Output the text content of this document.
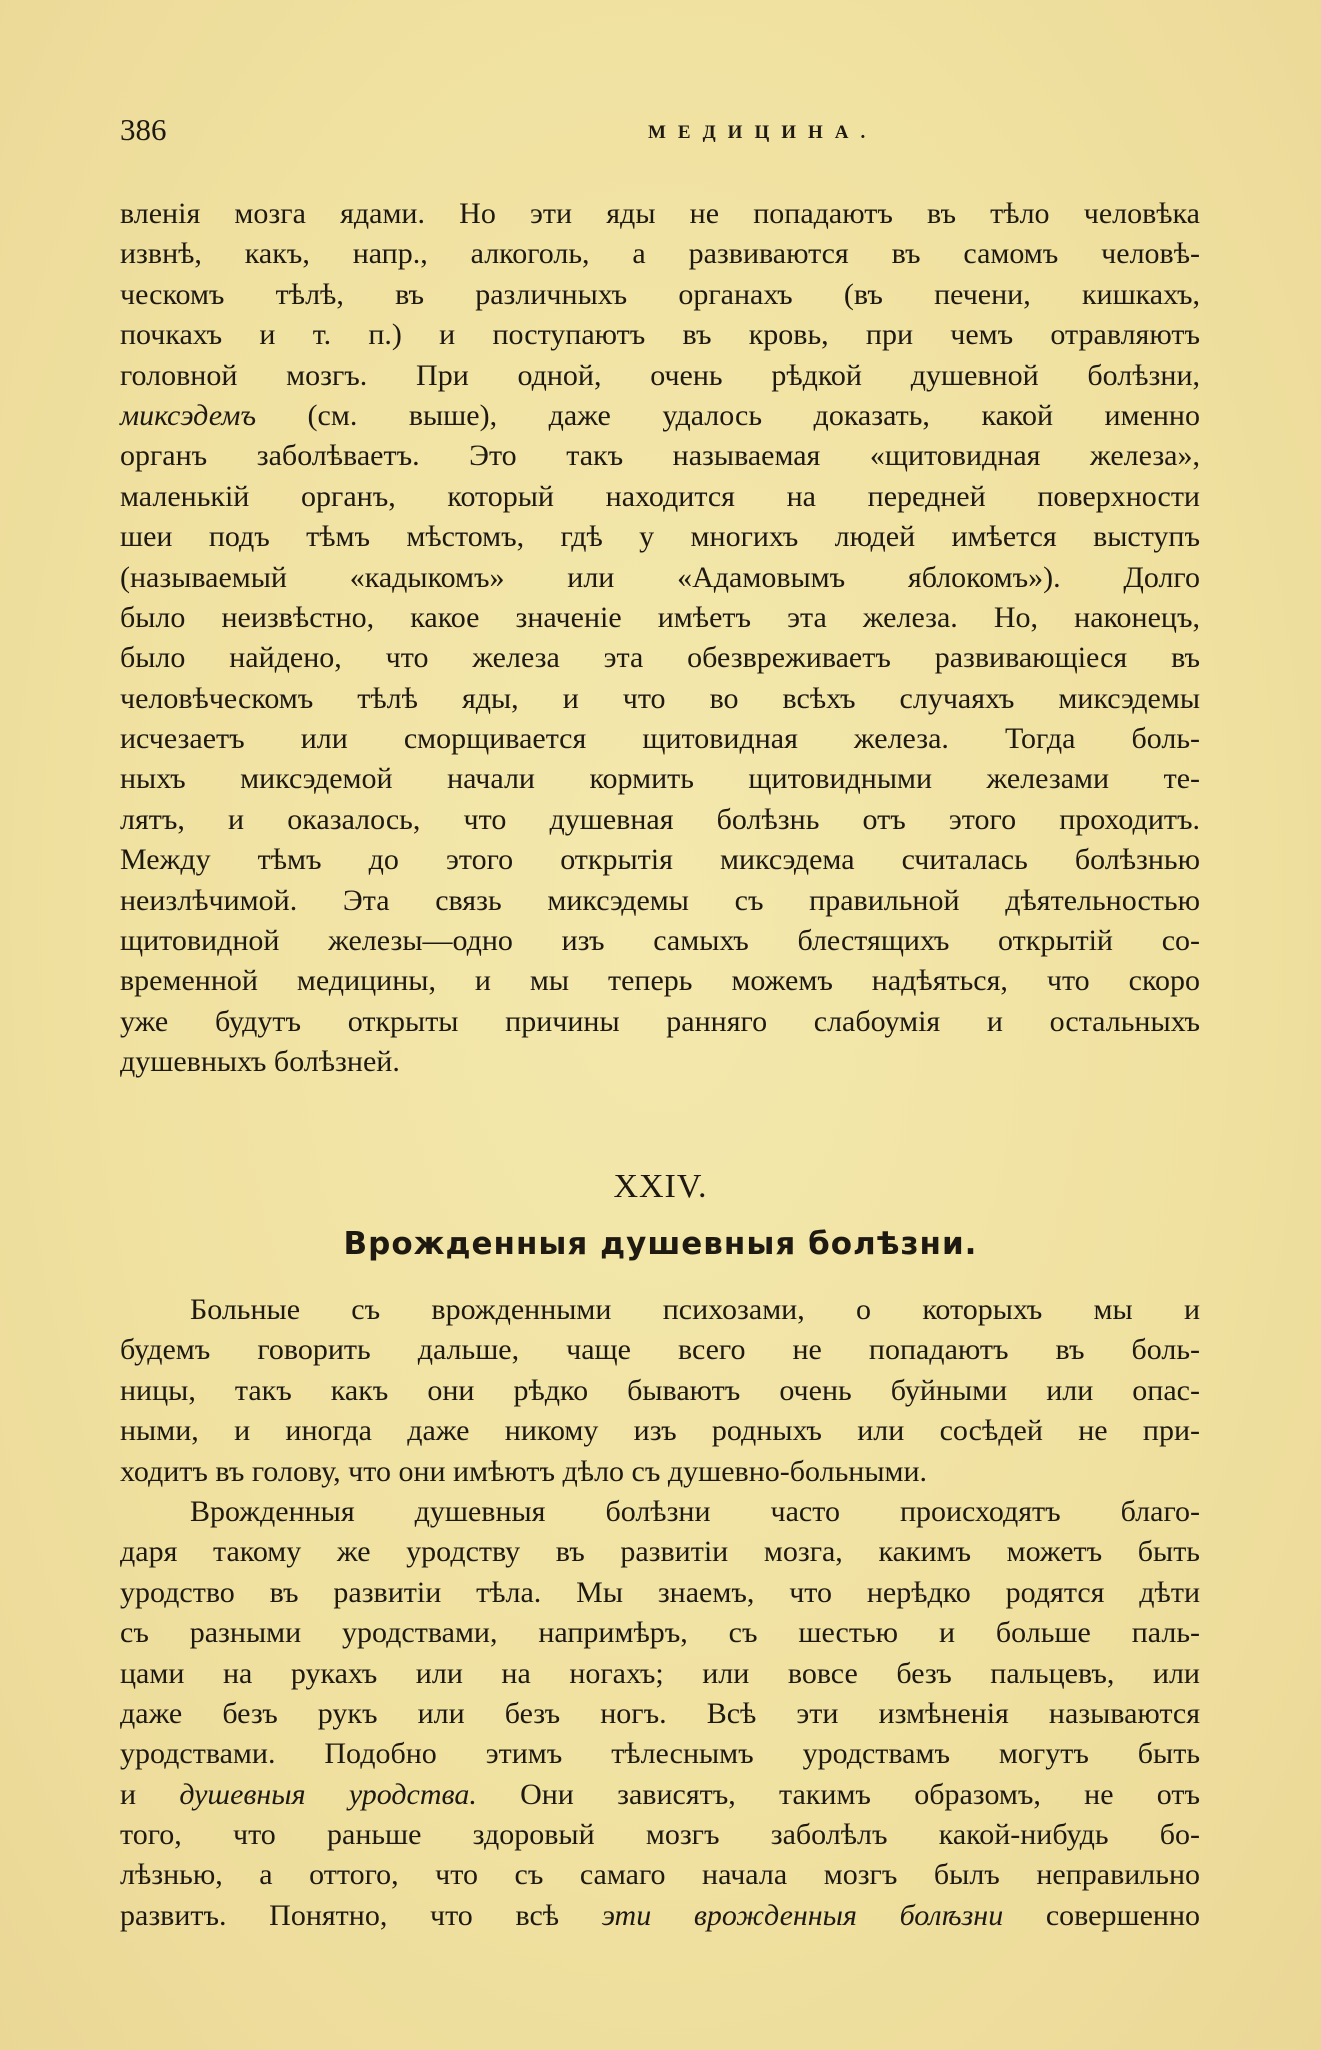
386	МЕДИЦИНА.
вленія мозга ядами. Но эти яды не попадаютъ въ тѣло человѣка
извнѣ, какъ, напр., алкоголь, а развиваются въ самомъ человѣ-
ческомъ тѣлѣ, въ различныхъ органахъ (въ печени, кишкахъ,
почкахъ и т. п.) и поступаютъ въ кровь, при чемъ отравляютъ
головной мозгъ. При одной, очень рѣдкой душевной болѣзни,
миксэдемъ (см. выше), даже удалось доказать, какой именно
органъ заболѣваетъ. Это такъ называемая «щитовидная железа»,
маленькій органъ, который находится на передней поверхности
шеи подъ тѣмъ мѣстомъ, гдѣ у многихъ людей имѣется выступъ
(называемый «кадыкомъ» или «Адамовымъ яблокомъ»). Долго
было неизвѣстно, какое значеніе имѣетъ эта железа. Но, наконецъ,
было найдено, что железа эта обезвреживаетъ развивающіеся въ
человѣческомъ тѣлѣ яды, и что во всѣхъ случаяхъ миксэдемы
исчезаетъ или сморщивается щитовидная железа. Тогда боль-
ныхъ миксэдемой начали кормить щитовидными железами те-
лятъ, и оказалось, что душевная болѣзнь отъ этого проходитъ.
Между тѣмъ до этого открытія миксэдема считалась болѣзнью
неизлѣчимой. Эта связь миксэдемы съ правильной дѣятельностью
щитовидной железы—одно изъ самыхъ блестящихъ открытій со-
временной медицины, и мы теперь можемъ надѣяться, что скоро
уже будутъ открыты причины ранняго слабоумія и остальныхъ
душевныхъ болѣзней.
XXIV.
Врожденныя душевныя болѣзни.
Больные съ врожденными психозами, о которыхъ мы и
будемъ говорить дальше, чаще всего не попадаютъ въ боль-
ницы, такъ какъ они рѣдко бываютъ очень буйными или опас-
ными, и иногда даже никому изъ родныхъ или сосѣдей не при-
ходитъ въ голову, что они имѣютъ дѣло съ душевно-больными.
Врожденныя душевныя болѣзни часто происходятъ благо-
даря такому же уродству въ развитіи мозга, какимъ можетъ быть
уродство въ развитіи тѣла. Мы знаемъ, что нерѣдко родятся дѣти
съ разными уродствами, напримѣръ, съ шестью и больше паль-
цами на рукахъ или на ногахъ; или вовсе безъ пальцевъ, или
даже безъ рукъ или безъ ногъ. Всѣ эти измѣненія называются
уродствами. Подобно этимъ тѣлеснымъ уродствамъ могутъ быть
и душевныя уродства. Они зависятъ, такимъ образомъ, не отъ
того, что раньше здоровый мозгъ заболѣлъ какой-нибудь бо-
лѣзнью, а оттого, что съ самаго начала мозгъ былъ неправильно
развитъ. Понятно, что всѣ эти врожденныя болѣзни совершенно
